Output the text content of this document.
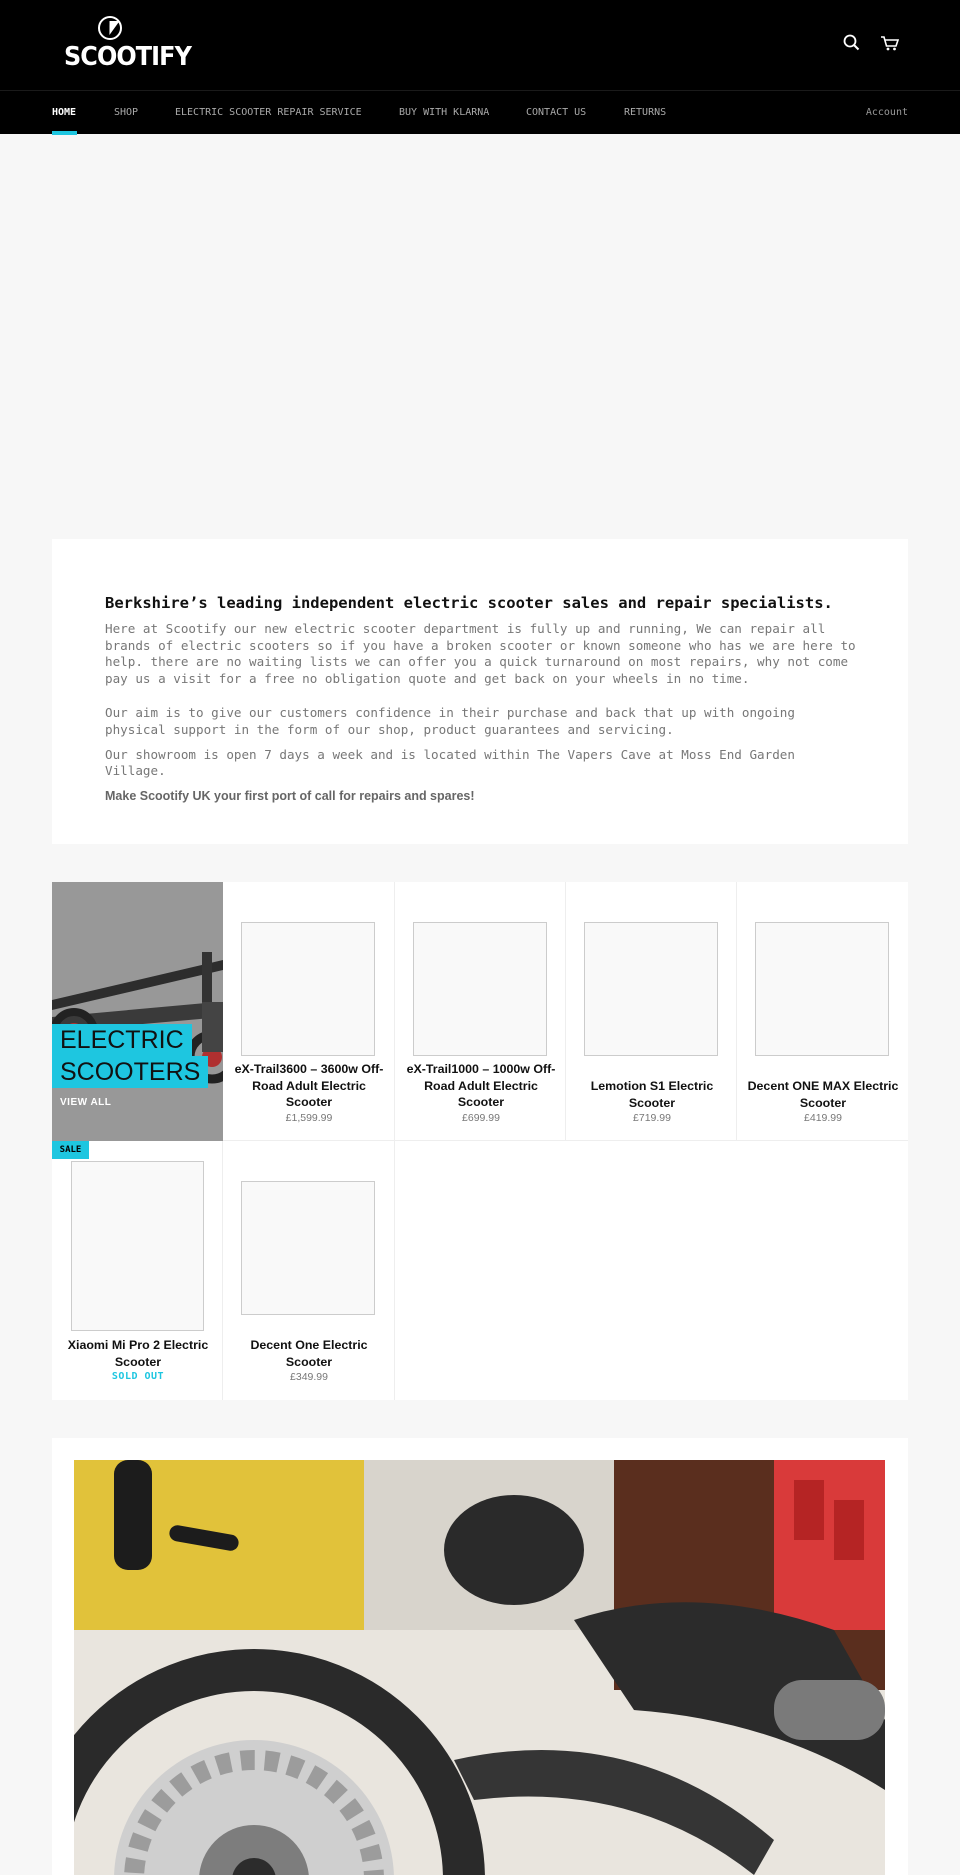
SCOOTIFY
HOME	SHOP	ELECTRIC SCOOTER REPAIR SERVICE	BUY WITH KLARNA	CONTACT US	RETURNS	Account
Berkshire’s leading independent electric scooter sales and repair specialists.

Here at Scootify our new electric scooter department is fully up and running, We can repair all brands of electric scooters so if you have a broken scooter or known someone who has we are here to help. there are no waiting lists we can offer you a quick turnaround on most repairs, why not come pay us a visit for a free no obligation quote and get back on your wheels in no time.

Our aim is to give our customers confidence in their purchase and back that up with ongoing physical support in the form of our shop, product guarantees and servicing.

Our showroom is open 7 days a week and is located within The Vapers Cave at Moss End Garden Village.

Make Scootify UK your first port of call for repairs and spares!

ELECTRIC
SCOOTERS
VIEW ALL
eX-Trail3600 – 3600w Off-Road Adult Electric Scooter
£1,599.99
eX-Trail1000 – 1000w Off-Road Adult Electric Scooter
£699.99
Lemotion S1 Electric Scooter
£719.99
Decent ONE MAX Electric Scooter
£419.99
Xiaomi Mi Pro 2 Electric Scooter
SOLD OUT
Decent One Electric Scooter
£349.99
SALE
